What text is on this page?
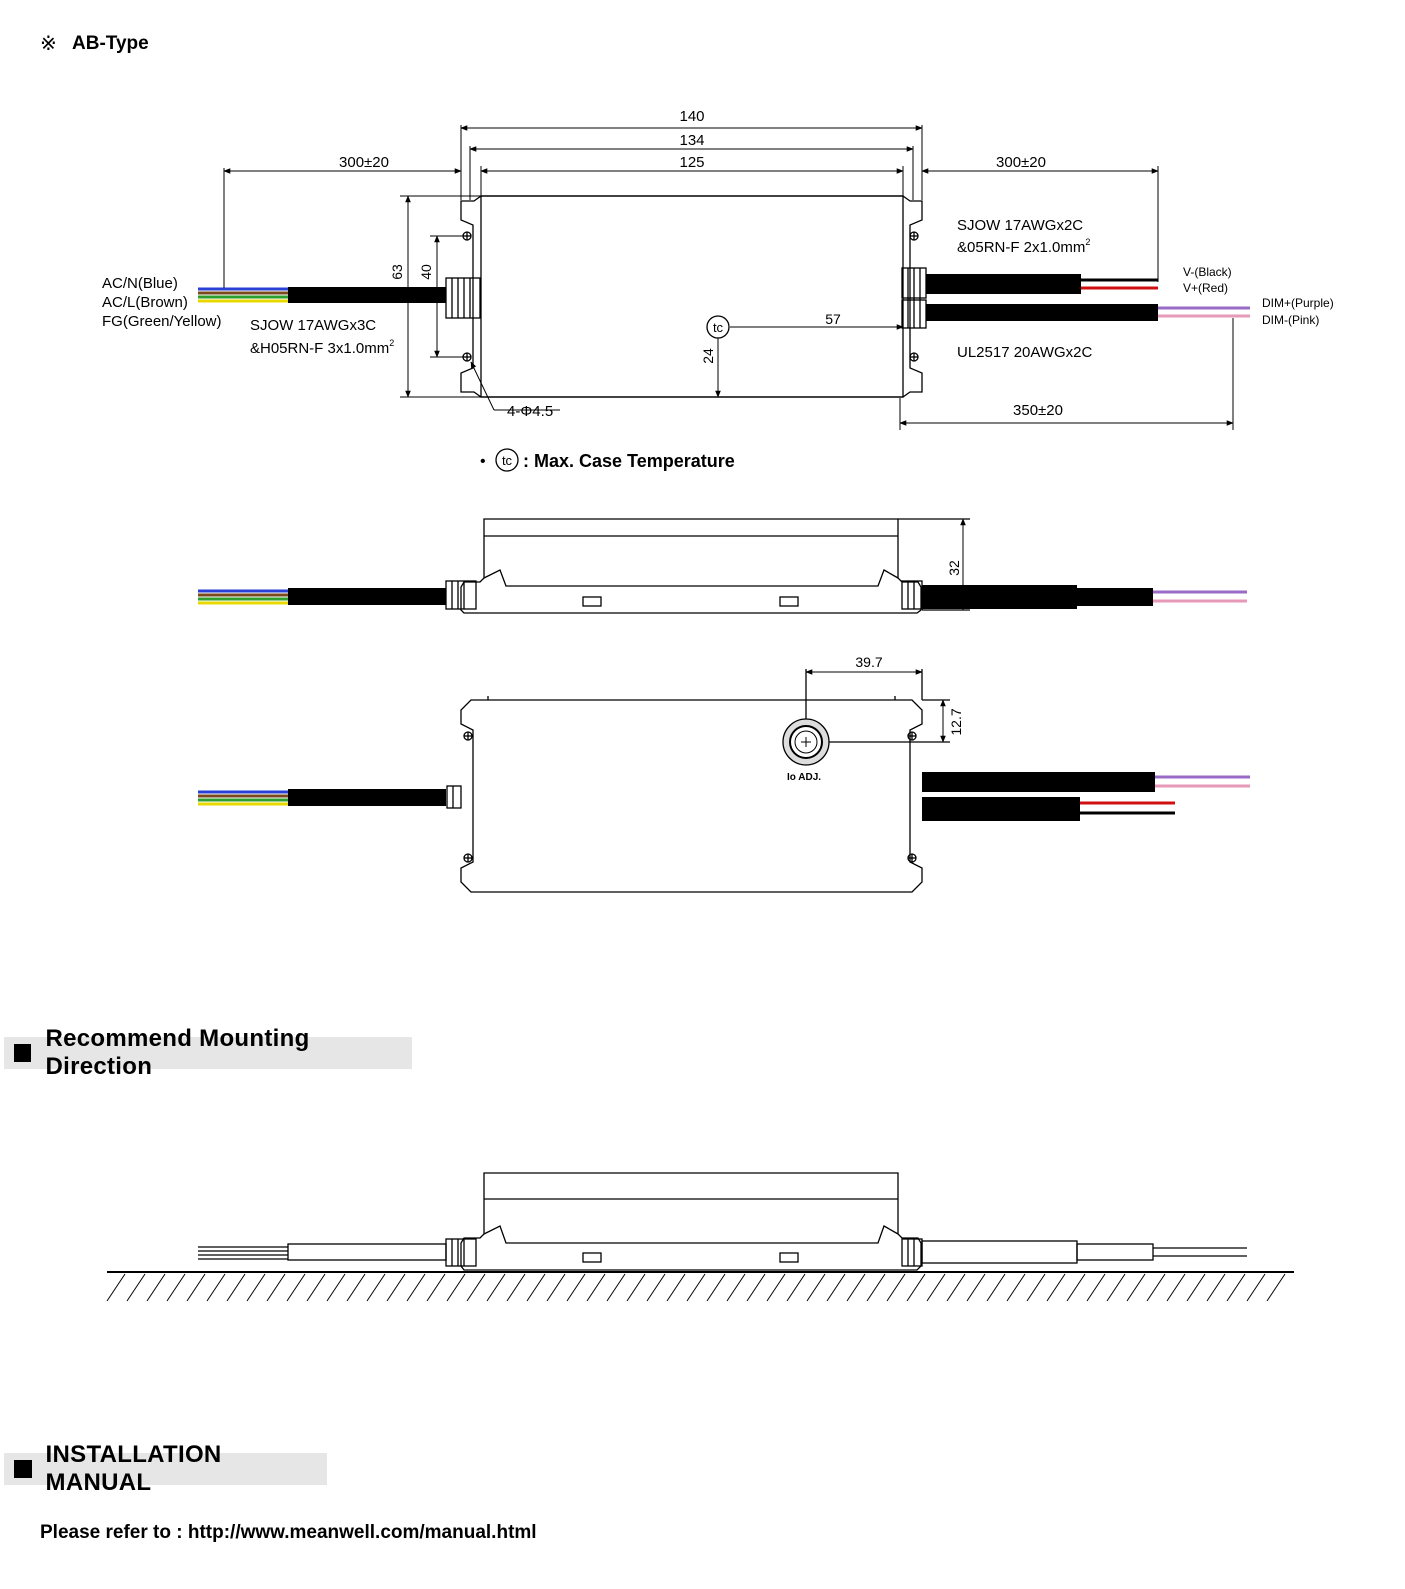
※ AB-Type
tc
140
134
125
300±20	300±20
350±20
57
24
63 40
4-Φ4.5
AC/N(Blue)
AC/L(Brown)
FG(Green/Yellow) SJOW 17AWGx3C
&H05RN-F $3x1.0mm^2$
SJOW 17AWGx2C
&05RN-F $2x1.0mm^2$
UL2517 20AWGx2C
V-(Black)
V+(Red)
DIM+(Purple)
DIM-(Pink)
• tc : Max. Case Temperature
32
Io ADJ.
39.7
12.7
Recommend Mounting Direction
INSTALLATION MANUAL
Please refer to : http://www.meanwell.com/manual.html
